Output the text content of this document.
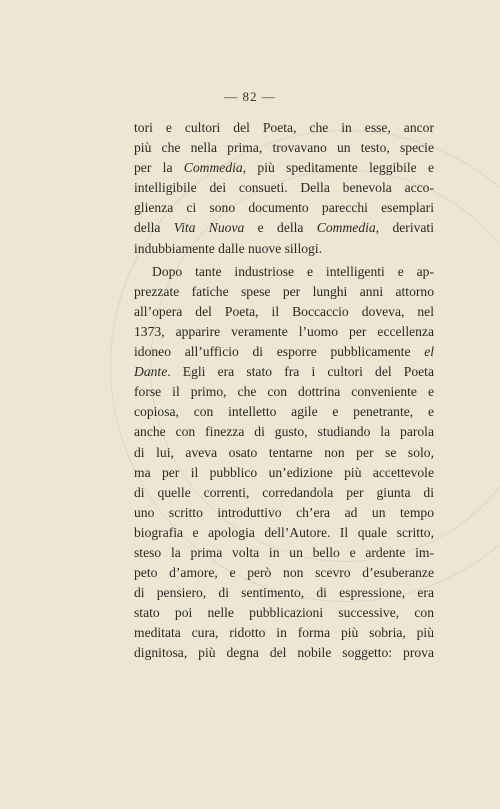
— 82 —
tori e cultori del Poeta, che in esse, ancor
più che nella prima, trovavano un testo, specie
per la Commedia, più speditamente leggibile e
intelligibile dei consueti. Della benevola acco-
glienza ci sono documento parecchi esemplari
della Vita Nuova e della Commedia, derivati
indubbiamente dalle nuove sillogi.
Dopo tante industriose e intelligenti e ap-
prezzate fatiche spese per lunghi anni attorno
all’opera del Poeta, il Boccaccio doveva, nel
1373, apparire veramente l’uomo per eccellenza
idoneo all’ufficio di esporre pubblicamente el
Dante. Egli era stato fra i cultori del Poeta
forse il primo, che con dottrina conveniente e
copiosa, con intelletto agile e penetrante, e
anche con finezza di gusto, studiando la parola
di lui, aveva osato tentarne non per se solo,
ma per il pubblico un’edizione più accettevole
di quelle correnti, corredandola per giunta di
uno scritto introduttivo ch’era ad un tempo
biografia e apologia dell’Autore. Il quale scritto,
steso la prima volta in un bello e ardente im-
peto d’amore, e però non scevro d’esuberanze
di pensiero, di sentimento, di espressione, era
stato poi nelle pubblicazioni successive, con
meditata cura, ridotto in forma più sobria, più
dignitosa, più degna del nobile soggetto: prova
